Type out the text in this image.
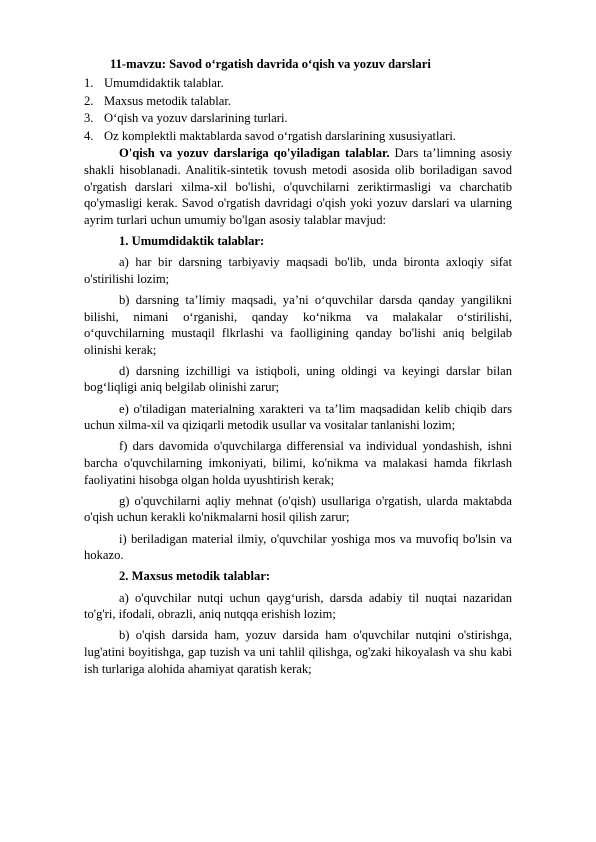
11-mavzu: Savod oʻrgatish davrida oʻqish va yozuv darslari
1. Umumdidaktik talablar.
2. Maxsus metodik talablar.
3. Oʻqish va yozuv darslarining turlari.
4. Oz komplektli maktablarda savod oʻrgatish darslarining xususiyatlari.

O'qish va yozuv darslariga qo'yiladigan talablar. Dars taʼlimning asosiy shakli hisoblanadi. Analitik-sintetik tovush metodi asosida olib boriladigan savod o'rgatish darslari xilma-xil bo'lishi, o'quvchilarni zeriktirmasligi va charchatib qo'ymasligi kerak. Savod o'rgatish davridagi o'qish yoki yozuv darslari va ularning ayrim turlari uchun umumiy bo'lgan asosiy talablar mavjud:

1. Umumdidaktik talablar:

a) har bir darsning tarbiyaviy maqsadi bo'lib, unda bironta axloqiy sifat o'stirilishi lozim;

b) darsning taʼlimiy maqsadi, yaʼni oʻquvchilar darsda qanday yangilikni bilishi, nimani oʻrganishi, qanday koʻnikma va malakalar oʻstirilishi, oʻquvchilarning mustaqil flkrlashi va faolligining qanday bo'lishi aniq belgilab olinishi kerak;

d) darsning izchilligi va istiqboli, uning oldingi va keyingi darslar bilan bogʻliqligi aniq belgilab olinishi zarur;

e) o'tiladigan materialning xarakteri va taʼlim maqsadidan kelib chiqib dars uchun xilma-xil va qiziqarli metodik usullar va vositalar tanlanishi lozim;

f) dars davomida o'quvchilarga differensial va individual yondashish, ishni barcha o'quvchilarning imkoniyati, bilimi, ko'nikma va malakasi hamda fikrlash faoliyatini hisobga olgan holda uyushtirish kerak;

g) o'quvchilarni aqliy mehnat (o'qish) usullariga o'rgatish, ularda maktabda o'qish uchun kerakli ko'nikmalarni hosil qilish zarur;

i) beriladigan material ilmiy, o'quvchilar yoshiga mos va muvofiq bo'lsin va hokazo.

2. Maxsus metodik talablar:

a) o'quvchilar nutqi uchun qaygʻurish, darsda adabiy til nuqtai nazaridan to'g'ri, ifodali, obrazli, aniq nutqqa erishish lozim;

b) o'qish darsida ham, yozuv darsida ham o'quvchilar nutqini o'stirishga, lug'atini boyitishga, gap tuzish va uni tahlil qilishga, og'zaki hikoyalash va shu kabi ish turlariga alohida ahamiyat qaratish kerak;
